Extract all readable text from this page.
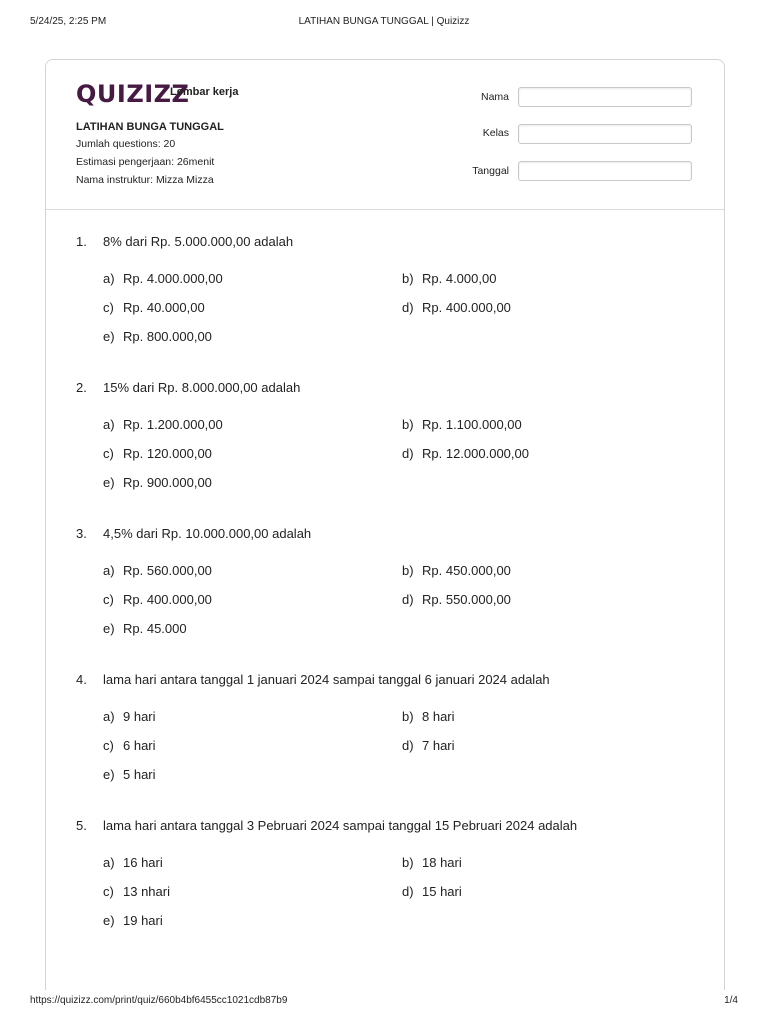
5/24/25, 2:25 PM	LATIHAN BUNGA TUNGGAL | Quizizz
QUIZIZZ
Lembar kerja
LATIHAN BUNGA TUNGGAL
Jumlah questions: 20
Estimasi pengerjaan: 26menit
Nama instruktur: Mizza Mizza
Nama
Kelas
Tanggal
1. 8% dari Rp. 5.000.000,00 adalah
a) Rp. 4.000.000,00	b) Rp. 4.000,00
c) Rp. 40.000,00	d) Rp. 400.000,00
e) Rp. 800.000,00
2. 15% dari Rp. 8.000.000,00 adalah
a) Rp. 1.200.000,00	b) Rp. 1.100.000,00
c) Rp. 120.000,00	d) Rp. 12.000.000,00
e) Rp. 900.000,00
3. 4,5% dari Rp. 10.000.000,00 adalah
a) Rp. 560.000,00	b) Rp. 450.000,00
c) Rp. 400.000,00	d) Rp. 550.000,00
e) Rp. 45.000
4. lama hari antara tanggal 1 januari 2024 sampai tanggal 6 januari 2024 adalah
a) 9 hari	b) 8 hari
c) 6 hari	d) 7 hari
e) 5 hari
5. lama hari antara tanggal 3 Pebruari 2024 sampai tanggal 15 Pebruari 2024 adalah
a) 16 hari	b) 18 hari
c) 13 nhari	d) 15 hari
e) 19 hari
https://quizizz.com/print/quiz/660b4bf6455cc1021cdb87b9	1/4
